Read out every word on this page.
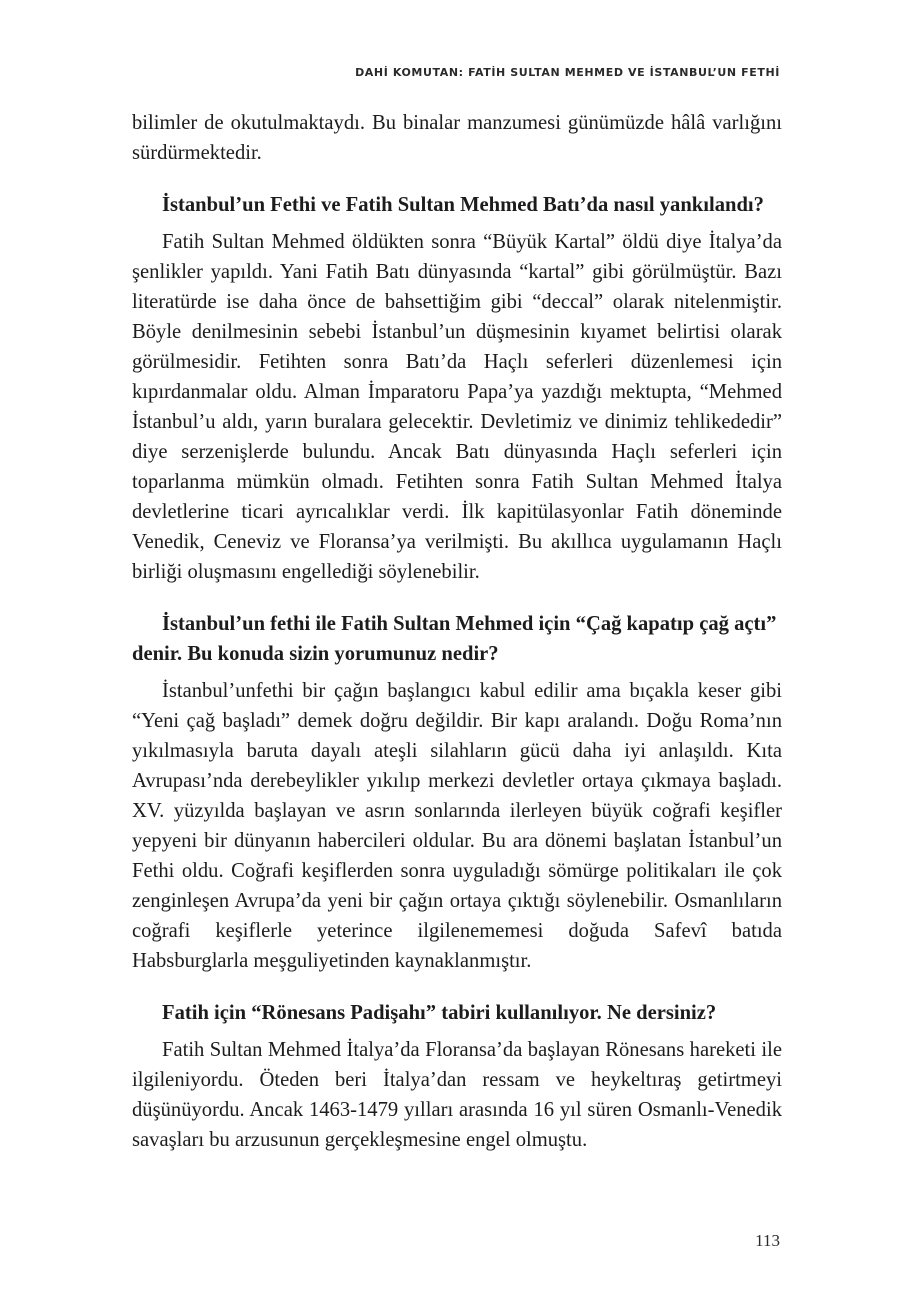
DAHİ KOMUTAN: FATİH SULTAN MEHMED VE İSTANBUL’UN FETHİ

bilimler de okutulmaktaydı. Bu binalar manzumesi günümüzde hâlâ varlığını sürdürmektedir.

İstanbul’un Fethi ve Fatih Sultan Mehmed Batı’da nasıl yankılandı?

Fatih Sultan Mehmed öldükten sonra “Büyük Kartal” öldü diye İtalya’da şenlikler yapıldı. Yani Fatih Batı dünyasında “kartal” gibi görülmüştür. Bazı literatürde ise daha önce de bahsettiğim gibi “deccal” olarak nitelenmiştir. Böyle denilmesinin sebebi İstanbul’un düşmesinin kıyamet belirtisi olarak görülmesidir. Fetihten sonra Batı’da Haçlı seferleri düzenlemesi için kıpırdanmalar oldu. Alman İmparatoru Papa’ya yazdığı mektupta, “Mehmed İstanbul’u aldı, yarın buralara gelecektir. Devletimiz ve dinimiz tehlikededir” diye serzenişlerde bulundu. Ancak Batı dünyasında Haçlı seferleri için toparlanma mümkün olmadı. Fetihten sonra Fatih Sultan Mehmed İtalya devletlerine ticari ayrıcalıklar verdi. İlk kapitülasyonlar Fatih döneminde Venedik, Ceneviz ve Floransa’ya verilmişti. Bu akıllıca uygulamanın Haçlı birliği oluşmasını engellediği söylenebilir.

İstanbul’un fethi ile Fatih Sultan Mehmed için “Çağ kapatıp çağ açtı” denir. Bu konuda sizin yorumunuz nedir?

İstanbul’unfethi bir çağın başlangıcı kabul edilir ama bıçakla keser gibi “Yeni çağ başladı” demek doğru değildir. Bir kapı aralandı. Doğu Roma’nın yıkılmasıyla baruta dayalı ateşli silahların gücü daha iyi anlaşıldı. Kıta Avrupası’nda derebeylikler yıkılıp merkezi devletler ortaya çıkmaya başladı. XV. yüzyılda başlayan ve asrın sonlarında ilerleyen büyük coğrafi keşifler yepyeni bir dünyanın habercileri oldular. Bu ara dönemi başlatan İstanbul’un Fethi oldu. Coğrafi keşiflerden sonra uyguladığı sömürge politikaları ile çok zenginleşen Avrupa’da yeni bir çağın ortaya çıktığı söylenebilir. Osmanlıların coğrafi keşiflerle yeterince ilgilenememesi doğuda Safevî batıda Habsburglarla meşguliyetinden kaynaklanmıştır.

Fatih için “Rönesans Padişahı” tabiri kullanılıyor. Ne dersiniz?

Fatih Sultan Mehmed İtalya’da Floransa’da başlayan Rönesans hareketi ile ilgileniyordu. Öteden beri İtalya’dan ressam ve heykeltıraş getirtmeyi düşünüyordu. Ancak 1463-1479 yılları arasında 16 yıl süren Osmanlı-Venedik savaşları bu arzusunun gerçekleşmesine engel olmuştu.

113
